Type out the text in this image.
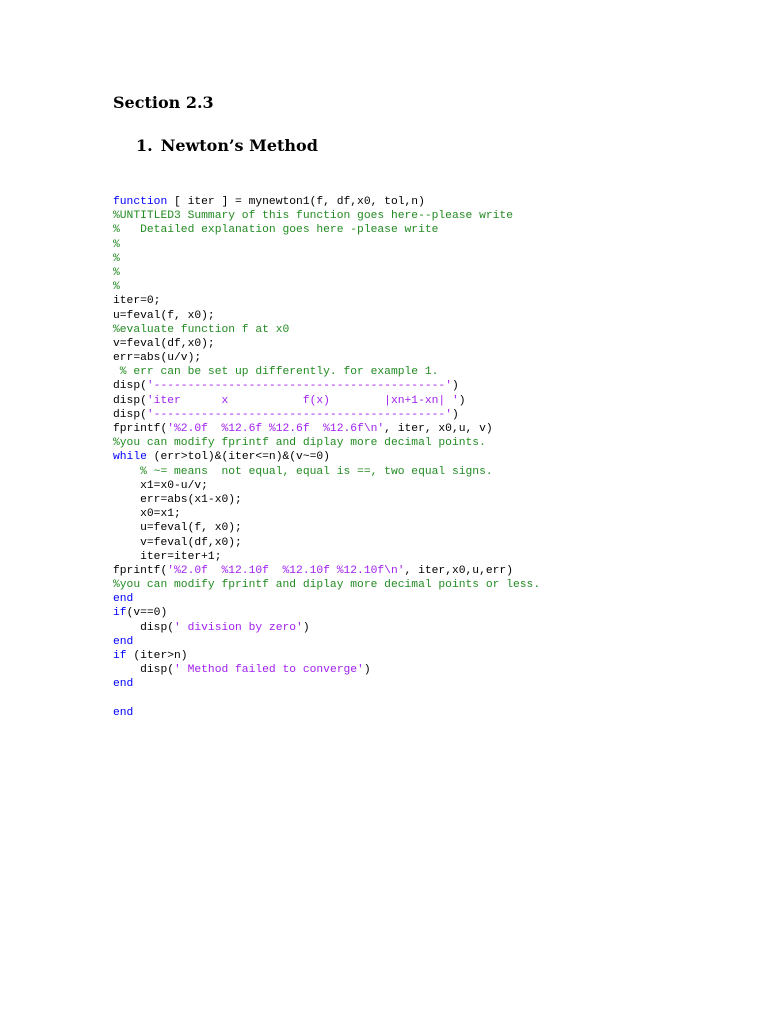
Section 2.3
1. Newton’s Method
function [ iter ] = mynewton1(f, df,x0, tol,n)
%UNTITLED3 Summary of this function goes here--please write
%   Detailed explanation goes here -please write
%
%
%
%
iter=0;
u=feval(f, x0);
%evaluate function f at x0
v=feval(df,x0);
err=abs(u/v);
% err can be set up differently. for example 1.
disp('-------------------------------------------')
disp('iter      x           f(x)        |xn+1-xn| ')
disp('-------------------------------------------')
fprintf('%2.0f  %12.6f %12.6f  %12.6f\n', iter, x0,u, v)
%you can modify fprintf and diplay more decimal points.
while (err>tol)&(iter<=n)&(v~=0)
% ~= means  not equal, equal is ==, two equal signs.
x1=x0-u/v;
err=abs(x1-x0);
x0=x1;
u=feval(f, x0);
v=feval(df,x0);
iter=iter+1;
fprintf('%2.0f  %12.10f  %12.10f %12.10f\n', iter,x0,u,err)
%you can modify fprintf and diplay more decimal points or less.
end
if(v==0)
disp(' division by zero')
end
if (iter>n)
disp(' Method failed to converge')
end
end
